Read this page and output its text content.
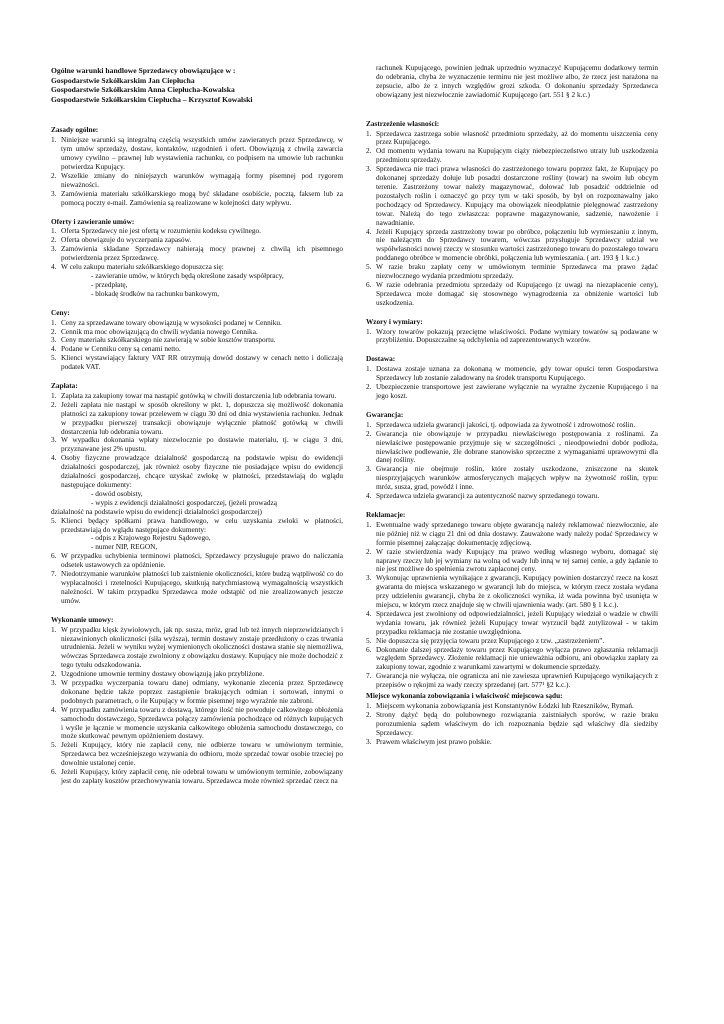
Ogólne warunki handlowe Sprzedawcy obowiązujące w :
Gospodarstwie Szkółkarskim Jan Ciepłucha
Gospodarstwie Szkółkarskim Anna Ciepłucha-Kowalska
Gospodarstwie Szkółkarskim Ciepłucha – Krzysztof Kowalski
Zasady ogólne:
1. Niniejsze warunki są integralną częścią wszystkich umów zawieranych przez Sprzedawcę, w tym umów sprzedaży, dostaw, kontaktów, uzgodnień i ofert. Obowiązują z chwilą zawarcia umowy cywilno – prawnej lub wystawienia rachunku, co podpisem na umowie lub rachunku potwierdza Kupujący.
2. Wszelkie zmiany do niniejszych warunków wymagają formy pisemnej pod rygorem nieważności.
3. Zamówienia materiału szkółkarskiego mogą być składane osobiście, pocztą, faksem lub za pomocą poczty e-mail. Zamówienia są realizowane w kolejności daty wpływu.
Oferty i zawieranie umów:
1. Oferta Sprzedawcy nie jest ofertą w rozumieniu kodeksu cywilnego.
2. Oferta obowiązuje do wyczerpania zapasów.
3. Zamówienia składane Sprzedawcy nabierają mocy prawnej z chwilą ich pisemnego potwierdzenia przez Sprzedawcę.
4. W celu zakupu materiału szkółkarskiego dopuszcza się:
- zawieranie umów, w których będą określone zasady współpracy,
- przedpłatę,
- blokadę środków na rachunku bankowym,
Ceny:
1. Ceny za sprzedawane towary obowiązują w wysokości podanej w Cenniku.
2. Cennik ma moc obowiązującą do chwili wydania nowego Cennika.
3. Ceny materiału szkółkarskiego nie zawierają w sobie kosztów transportu.
4. Podane w Cenniku ceny są cenami netto.
5. Klienci wystawiający faktury VAT RR otrzymują dowód dostawy w cenach netto i doliczają podatek VAT.
Zapłata:
1. Zapłata za zakupiony towar ma nastąpić gotówką w chwili dostarczenia lub odebrania towaru.
2. Jeżeli zapłata nie nastąpi w sposób określony w pkt. 1, dopuszcza się możliwość dokonania płatności za zakupiony towar przelewem w ciągu 30 dni od dnia wystawienia rachunku. Jednak w przypadku pierwszej transakcji obowiązuje wyłącznie płatność gotówką w chwili dostarczenia lub odebrania towaru.
3. W wypadku dokonania wpłaty niezwłocznie po dostawie materiału, tj. w ciągu 3 dni, przyznawane jest 2% upustu.
4. Osoby fizyczne prowadzące działalność gospodarczą na podstawie wpisu do ewidencji działalności gospodarczej, jak również osoby fizyczne nie posiadające wpisu do ewidencji działalności gospodarczej, chcące uzyskać zwłokę w płatności, przedstawiają do wglądu następujące dokumenty:
- dowód osobisty,
- wypis z ewidencji działalności gospodarczej, (jeżeli prowadzą
działalność na podstawie wpisu do ewidencji działalności gospodarczej)
5. Klienci będący spółkami prawa handlowego, w celu uzyskania zwłoki w płatności, przedstawiają do wglądu następujące dokumenty:
- odpis z Krajowego Rejestru Sądowego,
- numer NIP, REGON,
6. W przypadku uchybienia terminowi płatności, Sprzedawcy przysługuje prawo do naliczania odsetek ustawowych za opóźnienie.
7. Niedotrzymanie warunków płatności lub zaistnienie okoliczności, które budzą wątpliwość co do wypłacalności i rzetelności Kupującego, skutkują natychmiastową wymagalnością wszystkich należności. W takim przypadku Sprzedawca może odstąpić od nie zrealizowanych jeszcze umów.
Wykonanie umowy:
1. W przypadku klęsk żywiołowych, jak np. susza, mróz, grad lub też innych nieprzewidzianych i niezawinionych okoliczności (siła wyższa), termin dostawy zostaje przedłużony o czas trwania utrudnienia. Jeżeli w wyniku wyżej wymienionych okoliczności dostawa stanie się niemożliwa, wówczas Sprzedawca zostaje zwolniony z obowiązku dostawy. Kupujący nie może dochodzić z tego tytułu odszkodowania.
2. Uzgodnione umownie terminy dostawy obowiązują jako przybliżone.
3. W przypadku wyczerpania towaru danej odmiany, wykonanie zlecenia przez Sprzedawcę dokonane będzie także poprzez zastąpienie brakujących odmian i sortowań, innymi o podobnych parametrach, o ile Kupujący w formie pisemnej tego wyraźnie nie zabroni.
4. W przypadku zamówienia towaru z dostawą, którego ilość nie powoduje całkowitego obłożenia samochodu dostawczego, Sprzedawca połączy zamówienia pochodzące od różnych kupujących i wyśle je łącznie w momencie uzyskania całkowitego obłożenia samochodu dostawczego, co może skutkować pewnym opóźnieniem dostawy.
5. Jeżeli Kupujący, który nie zapłacił ceny, nie odbierze towaru w umówionym terminie, Sprzedawca bez wcześniejszego wzywania do odbioru, może sprzedać towar osobie trzeciej po dowolnie ustalonej cenie.
6. Jeżeli Kupujący, który zapłacił cenę, nie odebrał towaru w umówionym terminie, zobowiązany jest do zapłaty kosztów przechowywania towaru. Sprzedawca może również sprzedać rzecz na

rachunek Kupującego, powinien jednak uprzednio wyznaczyć Kupującemu dodatkowy termin do odebrania, chyba że wyznaczenie terminu nie jest możliwe albo, że rzecz jest narażona na zepsucie, albo że z innych względów grozi szkoda. O dokonaniu sprzedaży Sprzedawca obowiązany jest niezwłocznie zawiadomić Kupującego (art. 551 § 2 k.c.)

Zastrzeżenie własności:
1. Sprzedawca zastrzega sobie własność przedmiotu sprzedaży, aż do momentu uiszczenia ceny przez Kupującego.
2. Od momentu wydania towaru na Kupującym ciąży niebezpieczeństwo utraty lub uszkodzenia przedmiotu sprzedaży.
3. Sprzedawca nie traci prawa własności do zastrzeżonego towaru poprzez fakt, że Kupujący po dokonanej sprzedaży dołuje lub posadzi dostarczone rośliny (towar) na swoim lub obcym terenie. Zastrzeżony towar należy magazynować, dołować lub posadzić oddzielnie od pozostałych roślin i oznaczyć go przy tym w taki sposób, by był on rozpoznawalny jako pochodzący od Sprzedawcy. Kupujący ma obowiązek nieodpłatnie pielęgnować zastrzeżony towar. Należą do tego zwłaszcza: poprawne magazynowanie, sadzenie, nawożenie i nawadnianie.
4. Jeżeli Kupujący sprzeda zastrzeżony towar po obróbce, połączeniu lub wymieszaniu z innym, nie należącym do Sprzedawcy towarem, wówczas przysługuje Sprzedawcy udział we współwłasności nowej rzeczy w stosunku wartości zastrzeżonego towaru do pozostałego towaru poddanego obróbce w momencie obróbki, połączenia lub wymieszania. ( art. 193 § 1 k.c.)
5. W razie braku zapłaty ceny w umówionym terminie Sprzedawca ma prawo żądać niezwłocznego wydania przedmiotu sprzedaży.
6. W razie odebrania przedmiotu sprzedaży od Kupującego (z uwagi na niezapłacenie ceny), Sprzedawca może domagać się stosownego wynagrodzenia za obniżenie wartości lub uszkodzenia.
Wzory i wymiary:
1. Wzory towarów pokazują przeciętne właściwości. Podane wymiary towarów są podawane w przybliżeniu. Dopuszczalne są odchylenia od zaprezentowanych wzorów.
Dostawa:
1. Dostawa zostaje uznana za dokonaną w momencie, gdy towar opuści teren Gospodarstwa Sprzedawcy lub zostanie załadowany na środek transportu Kupującego.
2. Ubezpieczenie transportowe jest zawierane wyłącznie na wyraźne życzenie Kupującego i na jego koszt.
Gwarancja:
1. Sprzedawca udziela gwarancji jakości, tj. odpowiada za żywotność i zdrowotność roślin.
2. Gwarancja nie obowiązuje w przypadku niewłaściwego postępowania z roślinami. Za niewłaściwe postępowanie przyjmuje się w szczególności , nieodpowiedni dobór podłoża, niewłaściwe podlewanie, źle dobrane stanowisko sprzeczne z wymaganiami uprawowymi dla danej rośliny.
3. Gwarancja nie obejmuje roślin, które zostały uszkodzone, zniszczone na skutek niesprzyjających warunków atmosferycznych mających wpływ na żywotność roślin, typu: mróz, susza, grad, powódź i inne.
4. Sprzedawca udziela gwarancji za autentyczność nazwy sprzedanego towaru.
Reklamacje:
1. Ewentualne wady sprzedanego towaru objęte gwarancją należy reklamować niezwłocznie, ale nie później niż w ciągu 21 dni od dnia dostawy. Zauważone wady należy podać Sprzedawcy w formie pisemnej załączając dokumentację zdjęciową.
2. W razie stwierdzenia wady Kupujący ma prawo według własnego wyboru, domagać się naprawy rzeczy lub jej wymiany na wolną od wady lub inną w tej samej cenie, a gdy żądanie to nie jest możliwe do spełnienia zwrotu zapłaconej ceny.
3. Wykonując uprawnienia wynikające z gwarancji, Kupujący powinien dostarczyć rzecz na koszt gwaranta do miejsca wskazanego w gwarancji lub do miejsca, w którym rzecz została wydana przy udzieleniu gwarancji, chyba że z okoliczności wynika, iż wada powinna być usunięta w miejscu, w którym rzecz znajduje się w chwili ujawnienia wady. (art. 580 § 1 k.c.).
4. Sprzedawca jest zwolniony od odpowiedzialności, jeżeli Kupujący wiedział o wadzie w chwili wydania towaru, jak również jeżeli Kupujący towar wyrzucił bądź zutylizował - w takim przypadku reklamacja nie zostanie uwzględniona.
5. Nie dopuszcza się przyjęcia towaru przez Kupującego z tzw. „zastrzeżeniem”.
6. Dokonanie dalszej sprzedaży towaru przez Kupującego wyłącza prawo zgłaszania reklamacji względem Sprzedawcy. Złożenie reklamacji nie unieważnia odbioru, ani obowiązku zapłaty za zakupiony towar, zgodnie z warunkami zawartymi w dokumencie sprzedaży.
7. Gwarancja nie wyłącza, nie ogranicza ani nie zawiesza uprawnień Kupującego wynikających z przepisów o rękojmi za wady rzeczy sprzedanej (art. 577¹ §2 k.c.).
Miejsce wykonania zobowiązania i właściwość miejscowa sądu:
1. Miejscem wykonania zobowiązania jest Konstantynów Łódzki lub Rzeszników, Rymań.
2. Strony dążyć będą do polubownego rozwiązania zaistniałych sporów, w razie braku porozumienia sądem właściwym do ich rozpoznania będzie sąd właściwy dla siedziby Sprzedawcy.
3. Prawem właściwym jest prawo polskie.
